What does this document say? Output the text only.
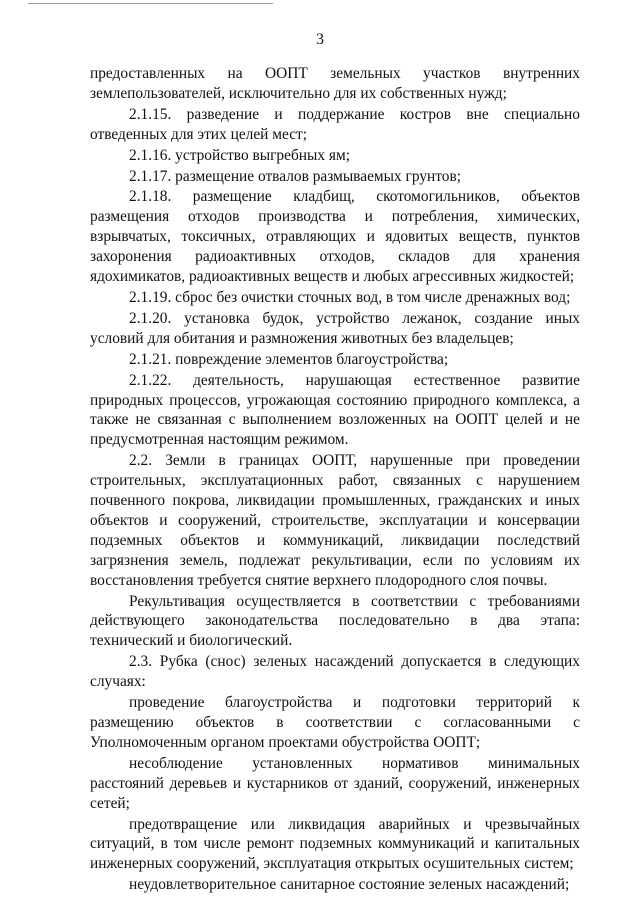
3

предоставленных на ООПТ земельных участков внутренних землепользователей, исключительно для их собственных нужд;

2.1.15. разведение и поддержание костров вне специально отведенных для этих целей мест;

2.1.16. устройство выгребных ям;

2.1.17. размещение отвалов размываемых грунтов;

2.1.18. размещение кладбищ, скотомогильников, объектов размещения отходов производства и потребления, химических, взрывчатых, токсичных, отравляющих и ядовитых веществ, пунктов захоронения радиоактивных отходов, складов для хранения ядохимикатов, радиоактивных веществ и любых агрессивных жидкостей;

2.1.19. сброс без очистки сточных вод, в том числе дренажных вод;

2.1.20. установка будок, устройство лежанок, создание иных условий для обитания и размножения животных без владельцев;

2.1.21. повреждение элементов благоустройства;

2.1.22. деятельность, нарушающая естественное развитие природных процессов, угрожающая состоянию природного комплекса, а также не связанная с выполнением возложенных на ООПТ целей и не предусмотренная настоящим режимом.

2.2. Земли в границах ООПТ, нарушенные при проведении строительных, эксплуатационных работ, связанных с нарушением почвенного покрова, ликвидации промышленных, гражданских и иных объектов и сооружений, строительстве, эксплуатации и консервации подземных объектов и коммуникаций, ликвидации последствий загрязнения земель, подлежат рекультивации, если по условиям их восстановления требуется снятие верхнего плодородного слоя почвы.

Рекультивация осуществляется в соответствии с требованиями действующего законодательства последовательно в два этапа: технический и биологический.

2.3. Рубка (снос) зеленых насаждений допускается в следующих случаях:

проведение благоустройства и подготовки территорий к размещению объектов в соответствии с согласованными с Уполномоченным органом проектами обустройства ООПТ;

несоблюдение установленных нормативов минимальных расстояний деревьев и кустарников от зданий, сооружений, инженерных сетей;

предотвращение или ликвидация аварийных и чрезвычайных ситуаций, в том числе ремонт подземных коммуникаций и капитальных инженерных сооружений, эксплуатация открытых осушительных систем;

неудовлетворительное санитарное состояние зеленых насаждений;
